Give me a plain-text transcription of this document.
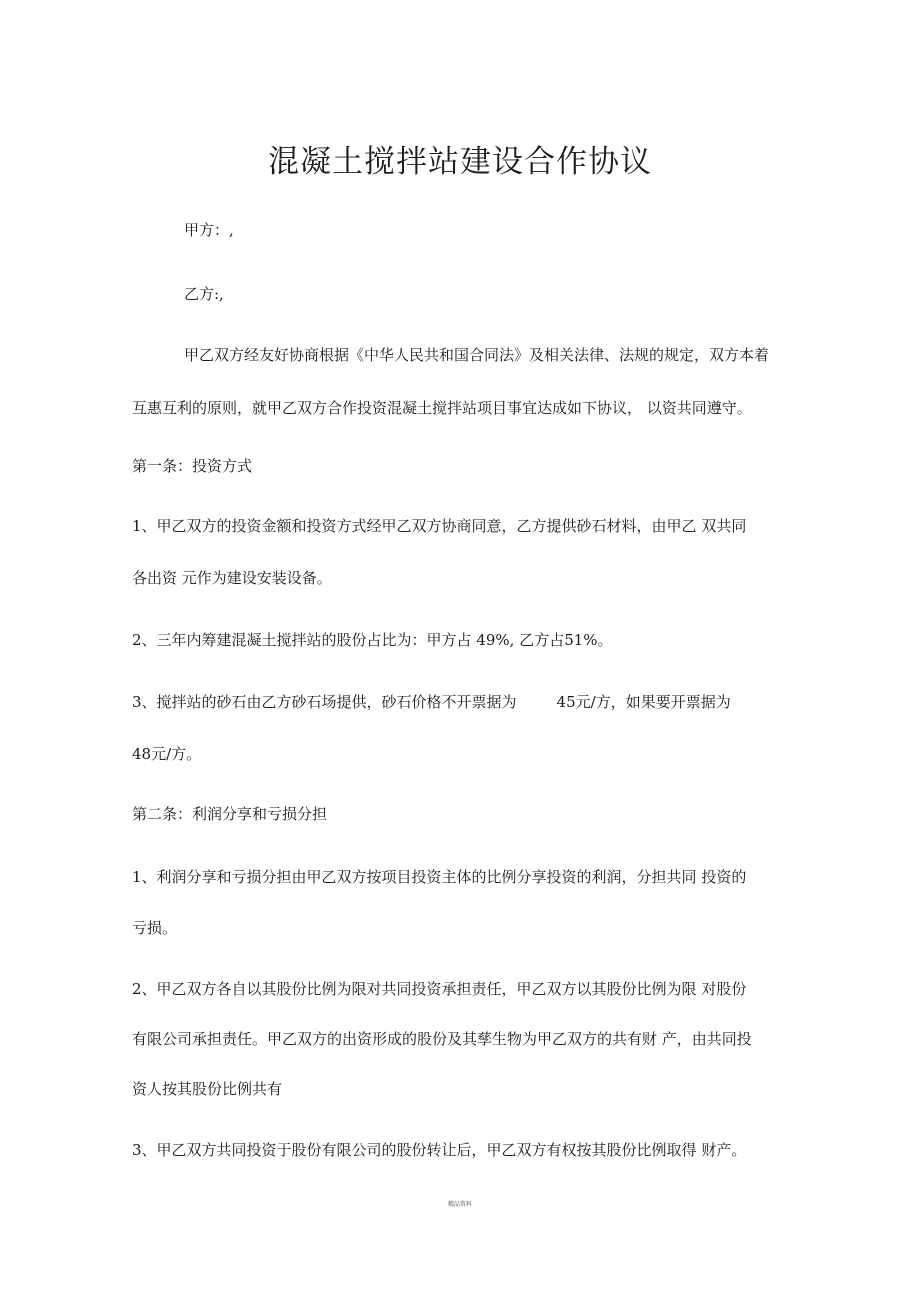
混凝土搅拌站建设合作协议
甲方：,
乙方:,
甲乙双方经友好协商根据《中华人民共和国合同法》及相关法律、法规的规定，双方本着
互惠互利的原则，就甲乙双方合作投资混凝土搅拌站项目事宜达成如下协议， 以资共同遵守。
第一条：投资方式
1、甲乙双方的投资金额和投资方式经甲乙双方协商同意，乙方提供砂石材料，由甲乙 双共同
各出资 元作为建设安装设备。
2、三年内筹建混凝土搅拌站的股份占比为：甲方占 49%, 乙方占51%。
3、搅拌站的砂石由乙方砂石场提供，砂石价格不开票据为	45元/方，如果要开票据为
48元/方。
第二条：利润分享和亏损分担
1、利润分享和亏损分担由甲乙双方按项目投资主体的比例分享投资的利润，分担共同 投资的
亏损。
2、甲乙双方各自以其股份比例为限对共同投资承担责任，甲乙双方以其股份比例为限 对股份
有限公司承担责任。甲乙双方的出资形成的股份及其孳生物为甲乙双方的共有财 产，由共同投
资人按其股份比例共有
3、甲乙双方共同投资于股份有限公司的股份转让后，甲乙双方有权按其股份比例取得 财产。
精品资料
